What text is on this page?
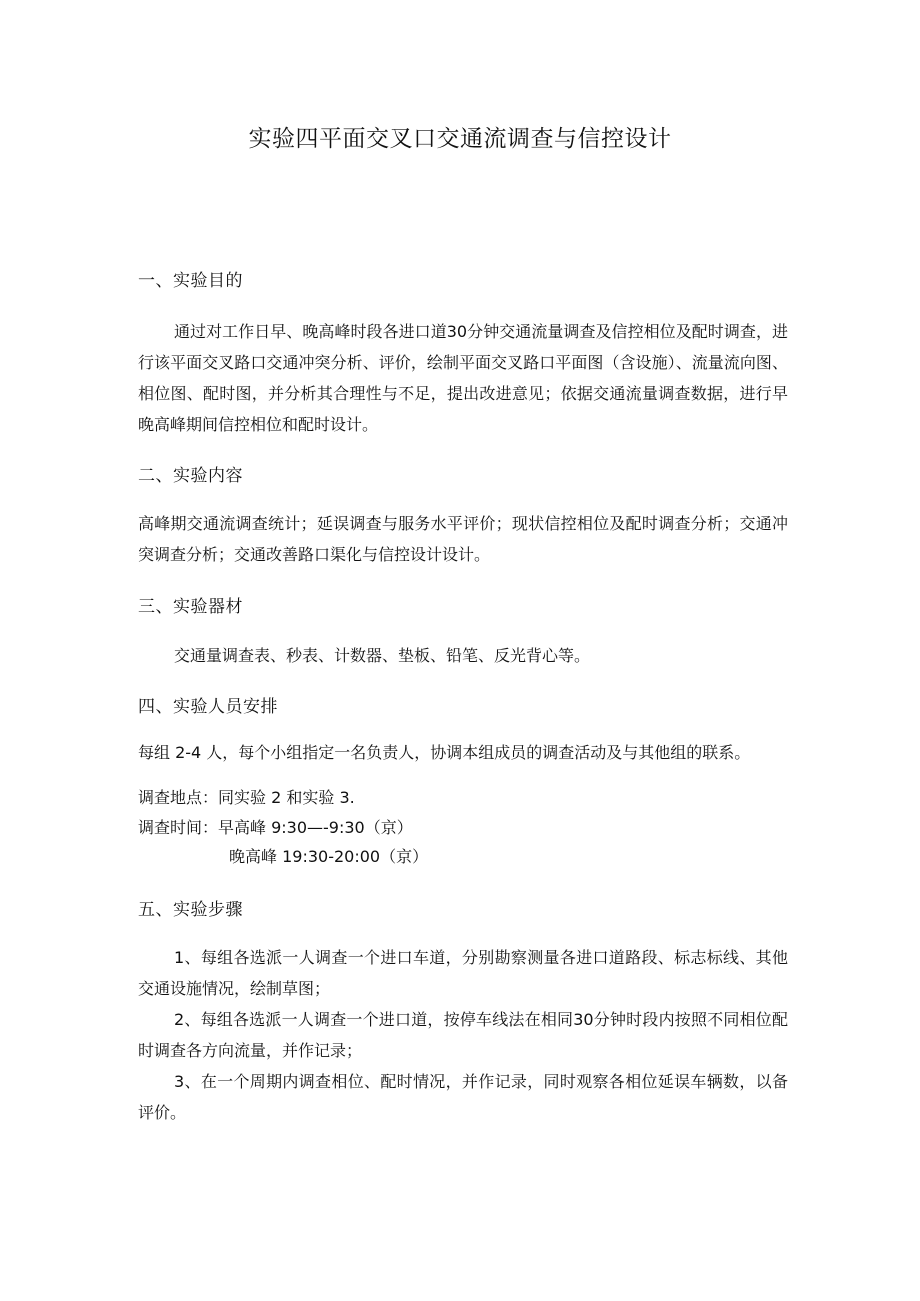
实验四平面交叉口交通流调查与信控设计
一、实验目的
通过对工作日早、晚高峰时段各进口道30分钟交通流量调查及信控相位及配时调查，进行该平面交叉路口交通冲突分析、评价，绘制平面交叉路口平面图（含设施）、流量流向图、相位图、配时图，并分析其合理性与不足，提出改进意见；依据交通流量调查数据，进行早晚高峰期间信控相位和配时设计。
二、实验内容
高峰期交通流调查统计；延误调查与服务水平评价；现状信控相位及配时调查分析；交通冲突调查分析；交通改善路口渠化与信控设计设计。
三、实验器材
交通量调查表、秒表、计数器、垫板、铅笔、反光背心等。
四、实验人员安排
每组 2-4 人，每个小组指定一名负责人，协调本组成员的调查活动及与其他组的联系。
调查地点：同实验 2 和实验 3.
调查时间：早高峰 9:30—-9:30（京）
晚高峰 19:30-20:00（京）
五、实验步骤
1、每组各选派一人调查一个进口车道，分别勘察测量各进口道路段、标志标线、其他交通设施情况，绘制草图；
2、每组各选派一人调查一个进口道，按停车线法在相同30分钟时段内按照不同相位配时调查各方向流量，并作记录；
3、在一个周期内调查相位、配时情况，并作记录，同时观察各相位延误车辆数，以备评价。
